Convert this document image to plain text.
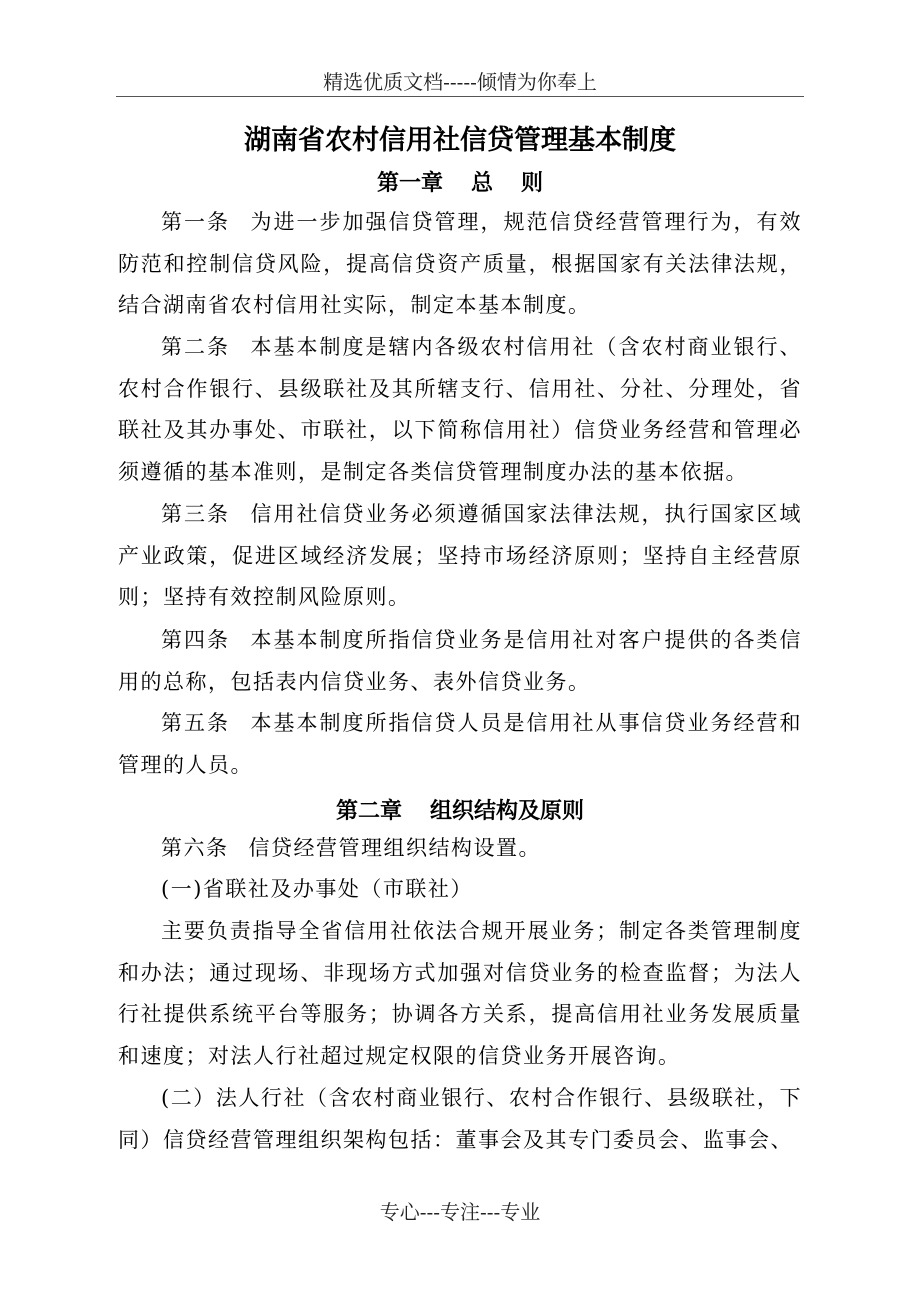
精选优质文档-----倾情为你奉上
湖南省农村信用社信贷管理基本制度
第一章 总 则
第一条 为进一步加强信贷管理，规范信贷经营管理行为，有效防范和控制信贷风险，提高信贷资产质量，根据国家有关法律法规，结合湖南省农村信用社实际，制定本基本制度。
第二条 本基本制度是辖内各级农村信用社（含农村商业银行、农村合作银行、县级联社及其所辖支行、信用社、分社、分理处，省联社及其办事处、市联社，以下简称信用社）信贷业务经营和管理必须遵循的基本准则，是制定各类信贷管理制度办法的基本依据。
第三条 信用社信贷业务必须遵循国家法律法规，执行国家区域产业政策，促进区域经济发展；坚持市场经济原则；坚持自主经营原则；坚持有效控制风险原则。
第四条 本基本制度所指信贷业务是信用社对客户提供的各类信用的总称，包括表内信贷业务、表外信贷业务。
第五条 本基本制度所指信贷人员是信用社从事信贷业务经营和管理的人员。
第二章 组织结构及原则
第六条 信贷经营管理组织结构设置。
(一)省联社及办事处（市联社）
主要负责指导全省信用社依法合规开展业务；制定各类管理制度和办法；通过现场、非现场方式加强对信贷业务的检查监督；为法人行社提供系统平台等服务；协调各方关系，提高信用社业务发展质量和速度；对法人行社超过规定权限的信贷业务开展咨询。
(二）法人行社（含农村商业银行、农村合作银行、县级联社，下同）信贷经营管理组织架构包括：董事会及其专门委员会、监事会、
专心---专注---专业
